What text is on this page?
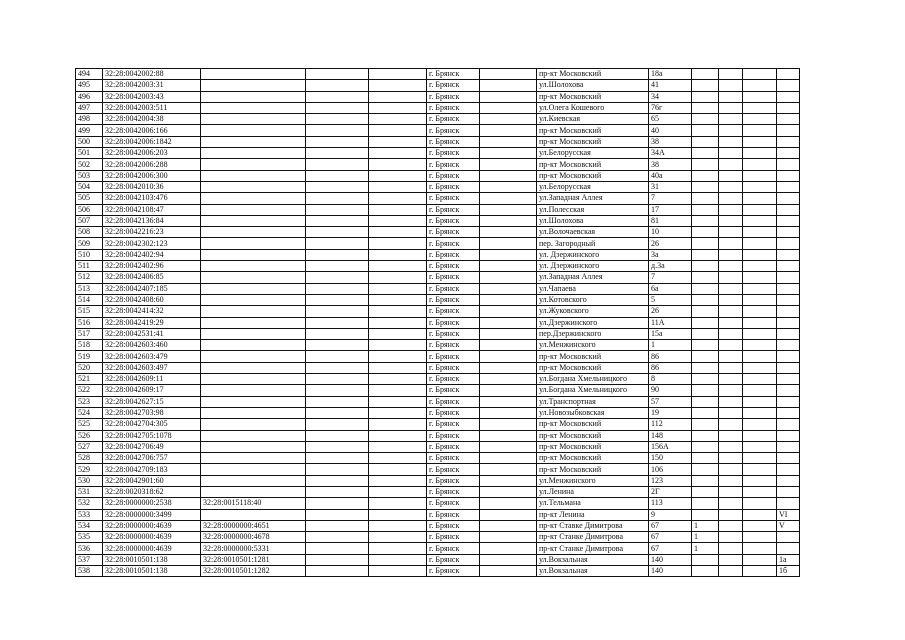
494	32:28:0042002:88				г. Брянск		пр-кт Московский	18а				
495	32:28:0042003:31				г. Брянск		ул.Шолохова	41				
496	32:28:0042003:43				г. Брянск		пр-кт Московский	34				
497	32:28:0042003:511				г. Брянск		ул.Олега Кошевого	76г				
498	32:28:0042004:38				г. Брянск		ул.Киевская	65				
499	32:28:0042006:166				г. Брянск		пр-кт Московский	40				
500	32:28:0042006:1842				г. Брянск		пр-кт Московский	38				
501	32:28:0042006:203				г. Брянск		ул.Белорусская	34А				
502	32:28:0042006:288				г. Брянск		пр-кт Московский	38				
503	32:28:0042006:300				г. Брянск		пр-кт Московский	40а				
504	32:28:0042010:36				г. Брянск		ул.Белорусская	31				
505	32:28:0042103:476				г. Брянск		ул.Западная Аллея	7				
506	32:28:0042108:47				г. Брянск		ул.Полесская	17				
507	32:28:0042136:84				г. Брянск		ул.Шолохова	81				
508	32:28:0042216:23				г. Брянск		ул.Волочаевская	10				
509	32:28:0042302:123				г. Брянск		пер. Загородный	26				
510	32:28:0042402:94				г. Брянск		ул. Дзержинского	3а				
511	32:28:0042402:96				г. Брянск		ул. Дзержинского	д.3а				
512	32:28:0042406:85				г. Брянск		ул.Западная Аллея	7				
513	32:28:0042407:185				г. Брянск		ул.Чапаева	6а				
514	32:28:0042408:60				г. Брянск		ул.Котовского	5				
515	32:28:0042414:32				г. Брянск		ул.Жуковского	26				
516	32:28:0042419:29				г. Брянск		ул.Дзержинского	11А				
517	32:28:0042531:41				г. Брянск		пер.Дзержинского	15а				
518	32:28:0042603:460				г. Брянск		ул.Менжинского	1				
519	32:28:0042603:479				г. Брянск		пр-кт Московский	86				
520	32:28:0042603:497				г. Брянск		пр-кт Московский	86				
521	32:28:0042609:11				г. Брянск		ул.Богдана Хмельницкого	8				
522	32:28:0042609:17				г. Брянск		ул.Богдана Хмельницкого	90				
523	32:28:0042627:15				г. Брянск		ул.Транспортная	57				
524	32:28:0042703:98				г. Брянск		ул.Новозыбковская	19				
525	32:28:0042704:305				г. Брянск		пр-кт Московский	112				
526	32:28:0042705:1078				г. Брянск		пр-кт Московский	148				
527	32:28:0042706:49				г. Брянск		пр-кт Московский	156А				
528	32:28:0042706:757				г. Брянск		пр-кт Московский	150				
529	32:28:0042709:183				г. Брянск		пр-кт Московский	106				
530	32:28:0042901:60				г. Брянск		ул.Менжинского	123				
531	32:28:0020318:62				г. Брянск		ул.Ленина	2Г				
532	32:28:0000000:2538	32:28:0015118:40			г. Брянск		ул.Тельмана	113				
533	32:28:0000000:3499				г. Брянск		пр-кт Ленина	9				VI
534	32:28:0000000:4639	32:28:0000000:4651			г. Брянск		пр-кт Ставке Димитрова	67	1			V
535	32:28:0000000:4639	32:28:0000000:4678			г. Брянск		пр-кт Станке Димитрова	67	1			
536	32:28:0000000:4639	32:28:0000000:5331			г. Брянск		пр-кт Станке Димитрова	67	1			
537	32:28:0010501:138	32:28:0010501:1281			г. Брянск		ул.Вокзальная	140				1а
538	32:28:0010501:138	32:28:0010501:1282			г. Брянск		ул.Вокзальная	140				1б
